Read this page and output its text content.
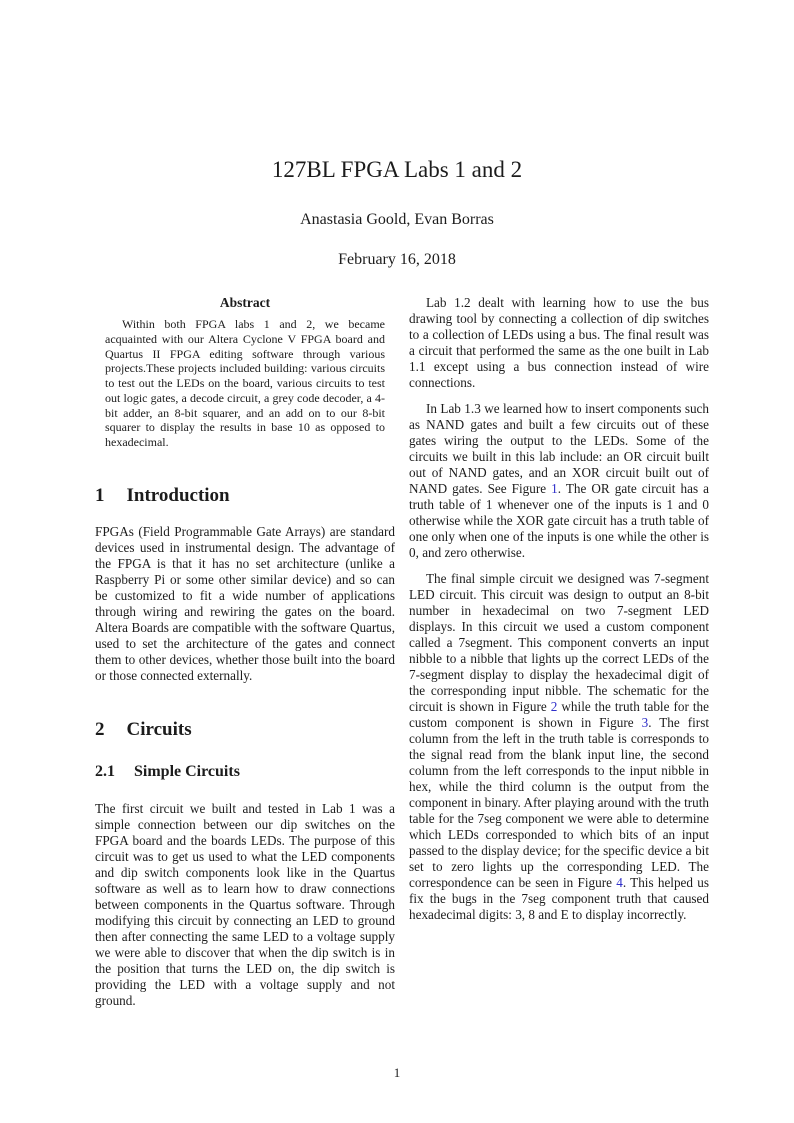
127BL FPGA Labs 1 and 2
Anastasia Goold, Evan Borras
February 16, 2018
Abstract

Within both FPGA labs 1 and 2, we became acquainted with our Altera Cyclone V FPGA board and Quartus II FPGA editing software through various projects.These projects included building: various circuits to test out the LEDs on the board, various circuits to test out logic gates, a decode circuit, a grey code decoder, a 4-bit adder, an 8-bit squarer, and an add on to our 8-bit squarer to display the results in base 10 as opposed to hexadecimal.

1 Introduction

FPGAs (Field Programmable Gate Arrays) are standard devices used in instrumental design. The advantage of the FPGA is that it has no set architecture (unlike a Raspberry Pi or some other similar device) and so can be customized to fit a wide number of applications through wiring and rewiring the gates on the board. Altera Boards are compatible with the software Quartus, used to set the architecture of the gates and connect them to other devices, whether those built into the board or those connected externally.

2 Circuits
2.1 Simple Circuits

The first circuit we built and tested in Lab 1 was a simple connection between our dip switches on the FPGA board and the boards LEDs. The purpose of this circuit was to get us used to what the LED components and dip switch components look like in the Quartus software as well as to learn how to draw connections between components in the Quartus software. Through modifying this circuit by connecting an LED to ground then after connecting the same LED to a voltage supply we were able to discover that when the dip switch is in the position that turns the LED on, the dip switch is providing the LED with a voltage supply and not ground.

Lab 1.2 dealt with learning how to use the bus drawing tool by connecting a collection of dip switches to a collection of LEDs using a bus. The final result was a circuit that performed the same as the one built in Lab 1.1 except using a bus connection instead of wire connections.

In Lab 1.3 we learned how to insert components such as NAND gates and built a few circuits out of these gates wiring the output to the LEDs. Some of the circuits we built in this lab include: an OR circuit built out of NAND gates, and an XOR circuit built out of NAND gates. See Figure 1. The OR gate circuit has a truth table of 1 whenever one of the inputs is 1 and 0 otherwise while the XOR gate circuit has a truth table of one only when one of the inputs is one while the other is 0, and zero otherwise.

The final simple circuit we designed was 7-segment LED circuit. This circuit was design to output an 8-bit number in hexadecimal on two 7-segment LED displays. In this circuit we used a custom component called a 7segment. This component converts an input nibble to a nibble that lights up the correct LEDs of the 7-segment display to display the hexadecimal digit of the corresponding input nibble. The schematic for the circuit is shown in Figure 2 while the truth table for the custom component is shown in Figure 3. The first column from the left in the truth table is corresponds to the signal read from the blank input line, the second column from the left corresponds to the input nibble in hex, while the third column is the output from the component in binary. After playing around with the truth table for the 7seg component we were able to determine which LEDs corresponded to which bits of an input passed to the display device; for the specific device a bit set to zero lights up the corresponding LED. The correspondence can be seen in Figure 4. This helped us fix the bugs in the 7seg component truth that caused hexadecimal digits: 3, 8 and E to display incorrectly.

1
